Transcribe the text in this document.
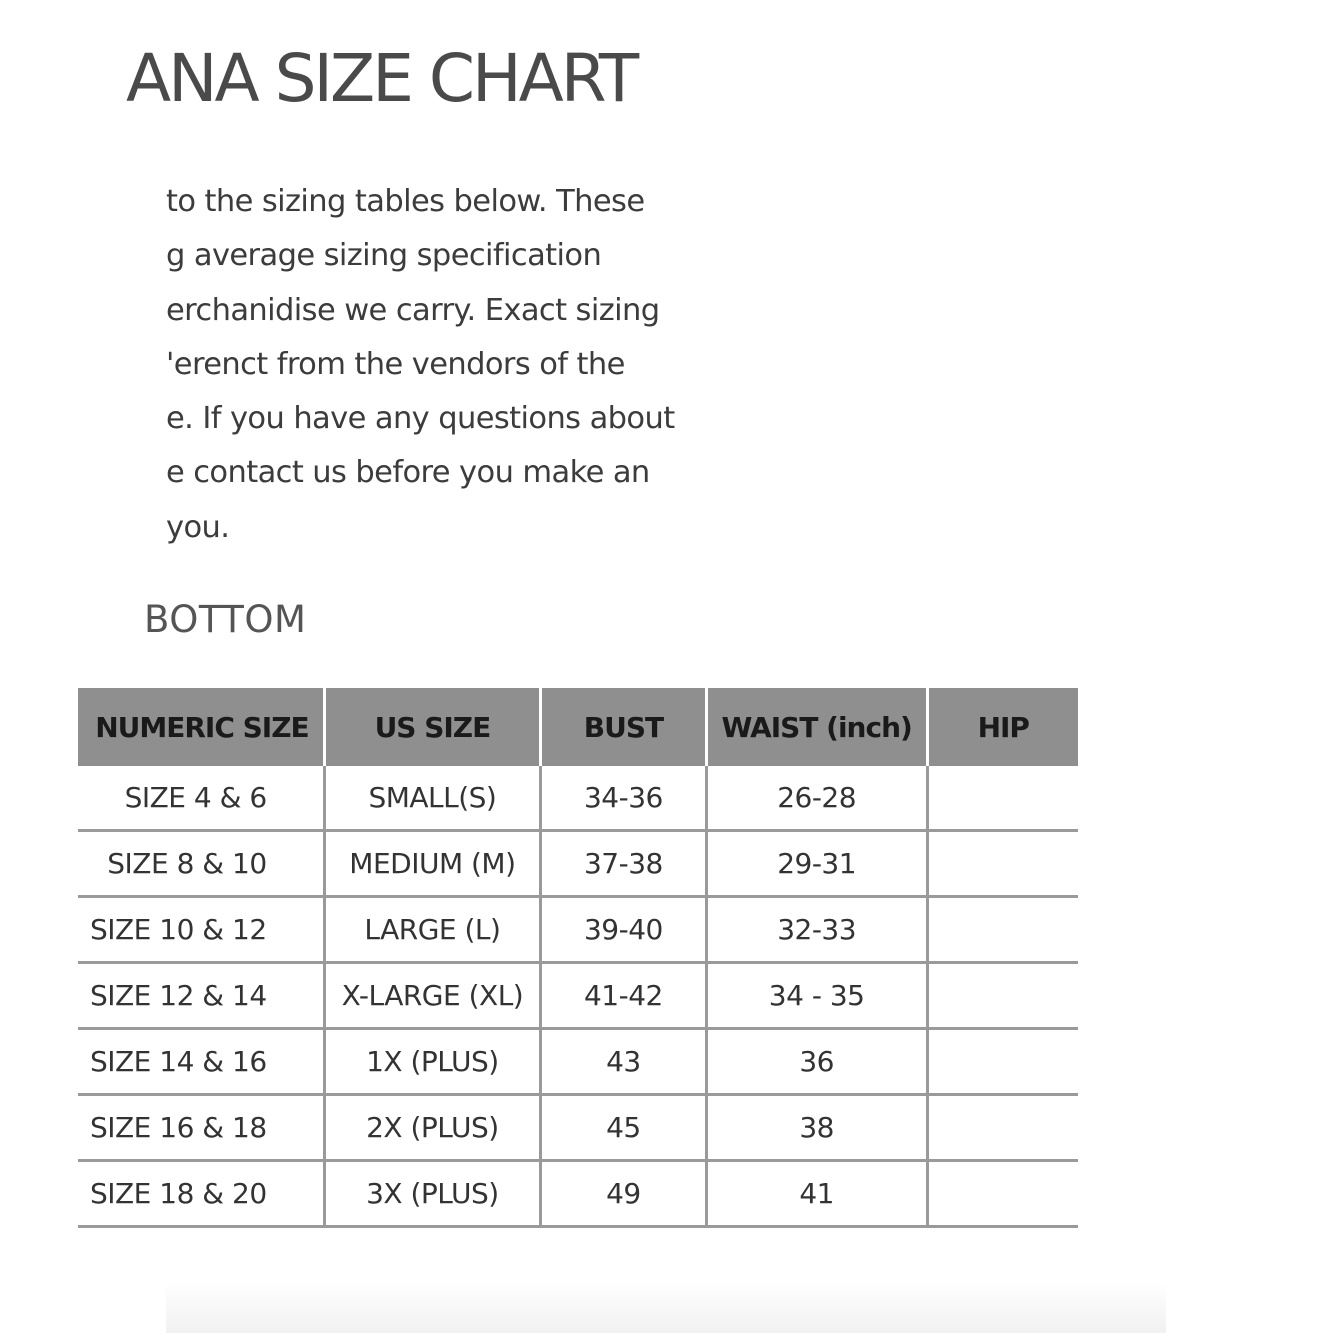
ANA SIZE CHART
to the sizing tables below. These
g average sizing specification
erchanidise we carry. Exact sizing
'erenct from the vendors of the
e. If you have any questions about
e contact us before you make an
you.
BOTTOM
NUMERIC SIZE	US SIZE	BUST	WAIST (inch)	HIP
SIZE 4 & 6	SMALL(S)	34-36	26-28	
SIZE 8 & 10	MEDIUM (M)	37-38	29-31	
SIZE 10 & 12	LARGE (L)	39-40	32-33	
SIZE 12 & 14	X-LARGE (XL)	41-42	34 - 35	
SIZE 14 & 16	1X (PLUS)	43	36	
SIZE 16 & 18	2X (PLUS)	45	38	
SIZE 18 & 20	3X (PLUS)	49	41	
